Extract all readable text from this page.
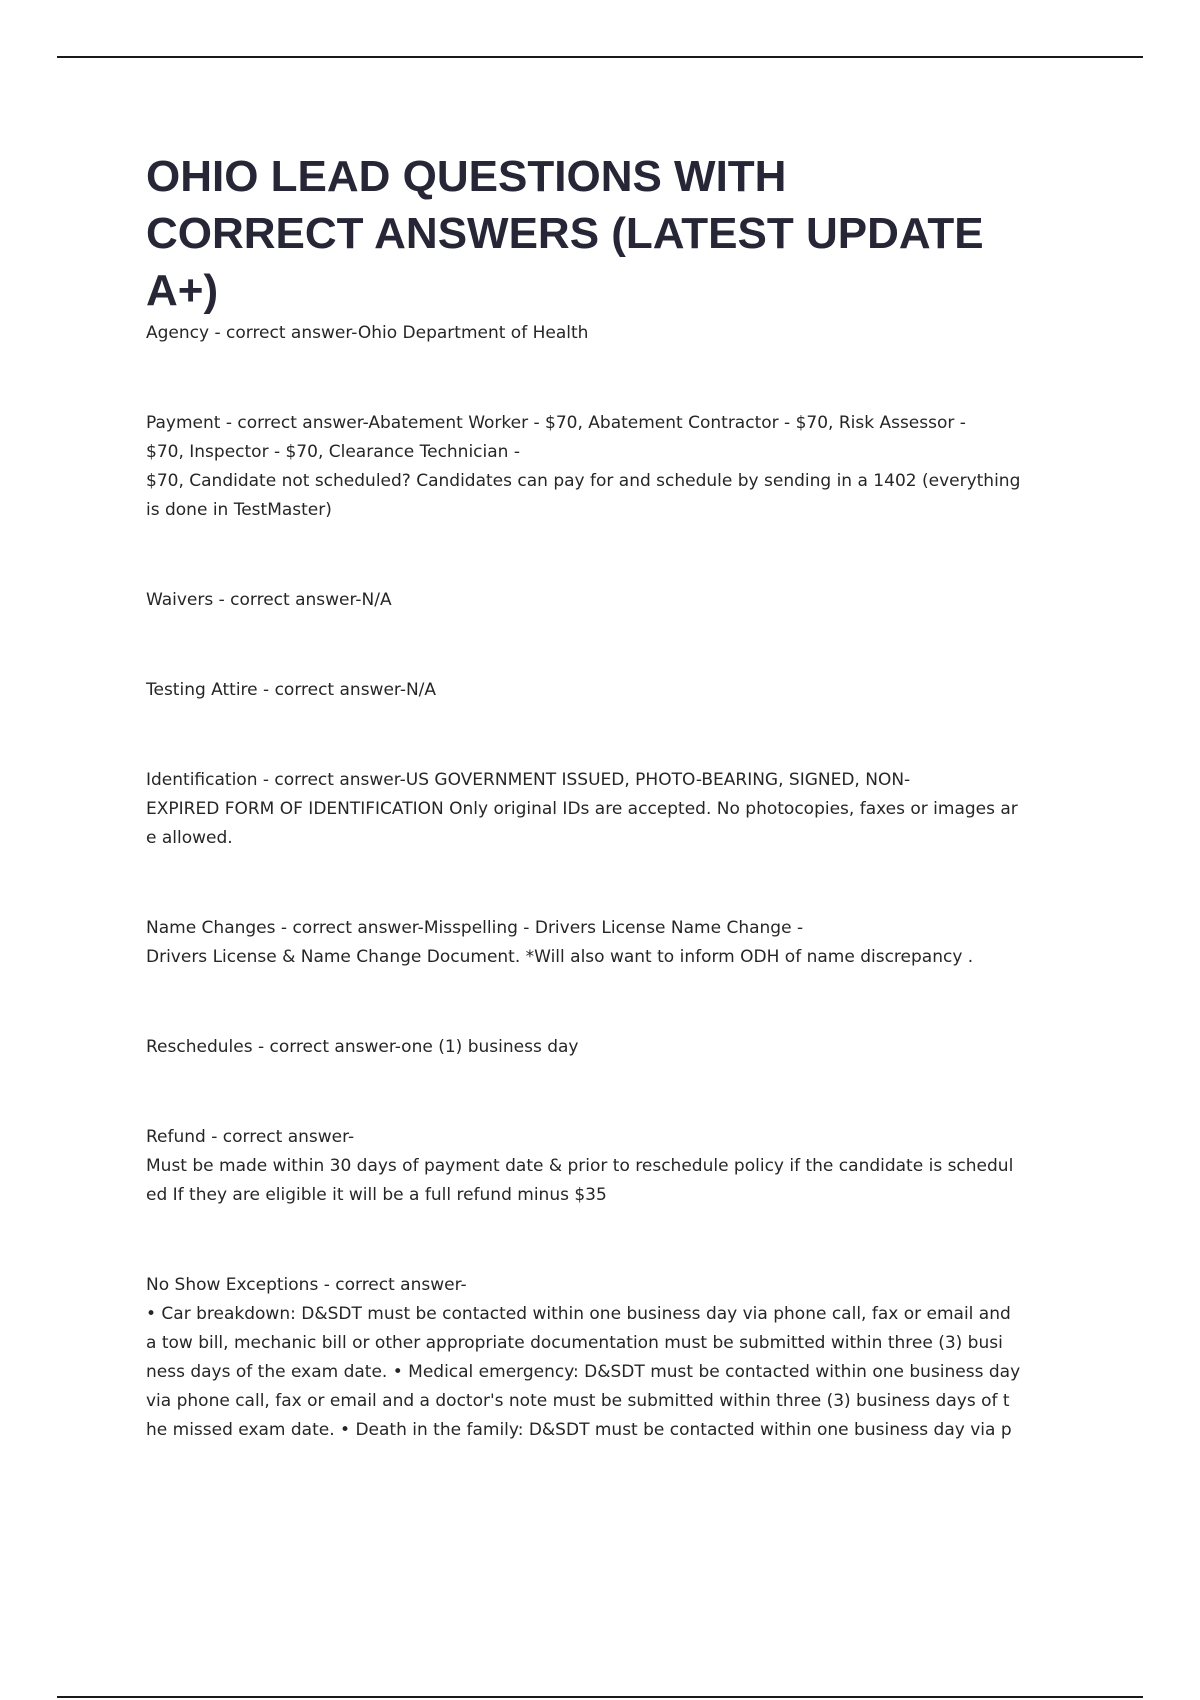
OHIO LEAD QUESTIONS WITH
CORRECT ANSWERS (LATEST UPDATE
A+)

Agency - correct answer-Ohio Department of Health

Payment - correct answer-Abatement Worker - $70, Abatement Contractor - $70, Risk Assessor -
$70, Inspector - $70, Clearance Technician -
$70, Candidate not scheduled? Candidates can pay for and schedule by sending in a 1402 (everything
is done in TestMaster)

Waivers - correct answer-N/A

Testing Attire - correct answer-N/A

Identification - correct answer-US GOVERNMENT ISSUED, PHOTO-BEARING, SIGNED, NON-
EXPIRED FORM OF IDENTIFICATION Only original IDs are accepted. No photocopies, faxes or images ar
e allowed.

Name Changes - correct answer-Misspelling - Drivers License Name Change -
Drivers License & Name Change Document. *Will also want to inform ODH of name discrepancy .

Reschedules - correct answer-one (1) business day

Refund - correct answer-
Must be made within 30 days of payment date & prior to reschedule policy if the candidate is schedul
ed If they are eligible it will be a full refund minus $35

No Show Exceptions - correct answer-
• Car breakdown: D&SDT must be contacted within one business day via phone call, fax or email and
a tow bill, mechanic bill or other appropriate documentation must be submitted within three (3) busi
ness days of the exam date. • Medical emergency: D&SDT must be contacted within one business day
via phone call, fax or email and a doctor's note must be submitted within three (3) business days of t
he missed exam date. • Death in the family: D&SDT must be contacted within one business day via p
